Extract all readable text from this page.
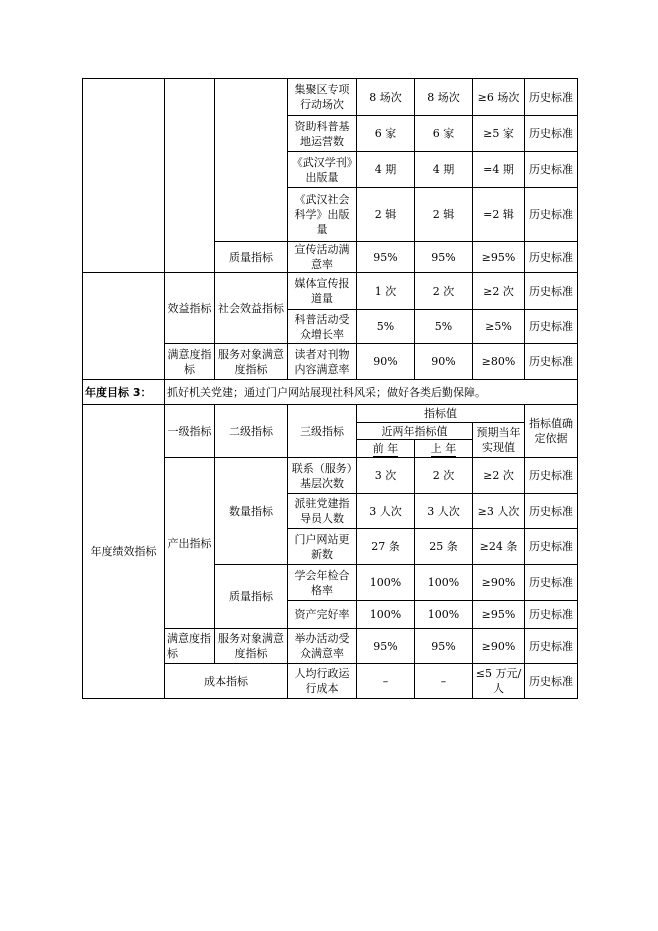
			集聚区专项行动场次	8 场次	8 场次	≥6 场次	历史标准
			资助科普基地运营数	6 家	6 家	≥5 家	历史标准
			《武汉学刊》出版量	4 期	4 期	=4 期	历史标准
			《武汉社会科学》出版量	2 辑	2 辑	=2 辑	历史标准
		质量指标	宣传活动满意率	95%	95%	≥95%	历史标准
	效益指标	社会效益指标	媒体宣传报道量	1 次	2 次	≥2 次	历史标准
			科普活动受众增长率	5%	5%	≥5%	历史标准
	满意度指标	服务对象满意度指标	读者对刊物内容满意率	90%	90%	≥80%	历史标准
年度目标 3：	抓好机关党建；通过门户网站展现社科风采；做好各类后勤保障。						
年度绩效指标	一级指标	二级指标	三级指标	指标值			指标值确定依据
				近两年指标值		预期当年实现值	
				前 年	上 年		
	产出指标	数量指标	联系（服务）基层次数	3 次	2 次	≥2 次	历史标准
			派驻党建指导员人数	3 人次	3 人次	≥3 人次	历史标准
			门户网站更新数	27 条	25 条	≥24 条	历史标准
		质量指标	学会年检合格率	100%	100%	≥90%	历史标准
			资产完好率	100%	100%	≥95%	历史标准
	满意度指标	服务对象满意度指标	举办活动受众满意率	95%	95%	≥90%	历史标准
	成本指标		人均行政运行成本	–	–	≤5 万元/人	历史标准
